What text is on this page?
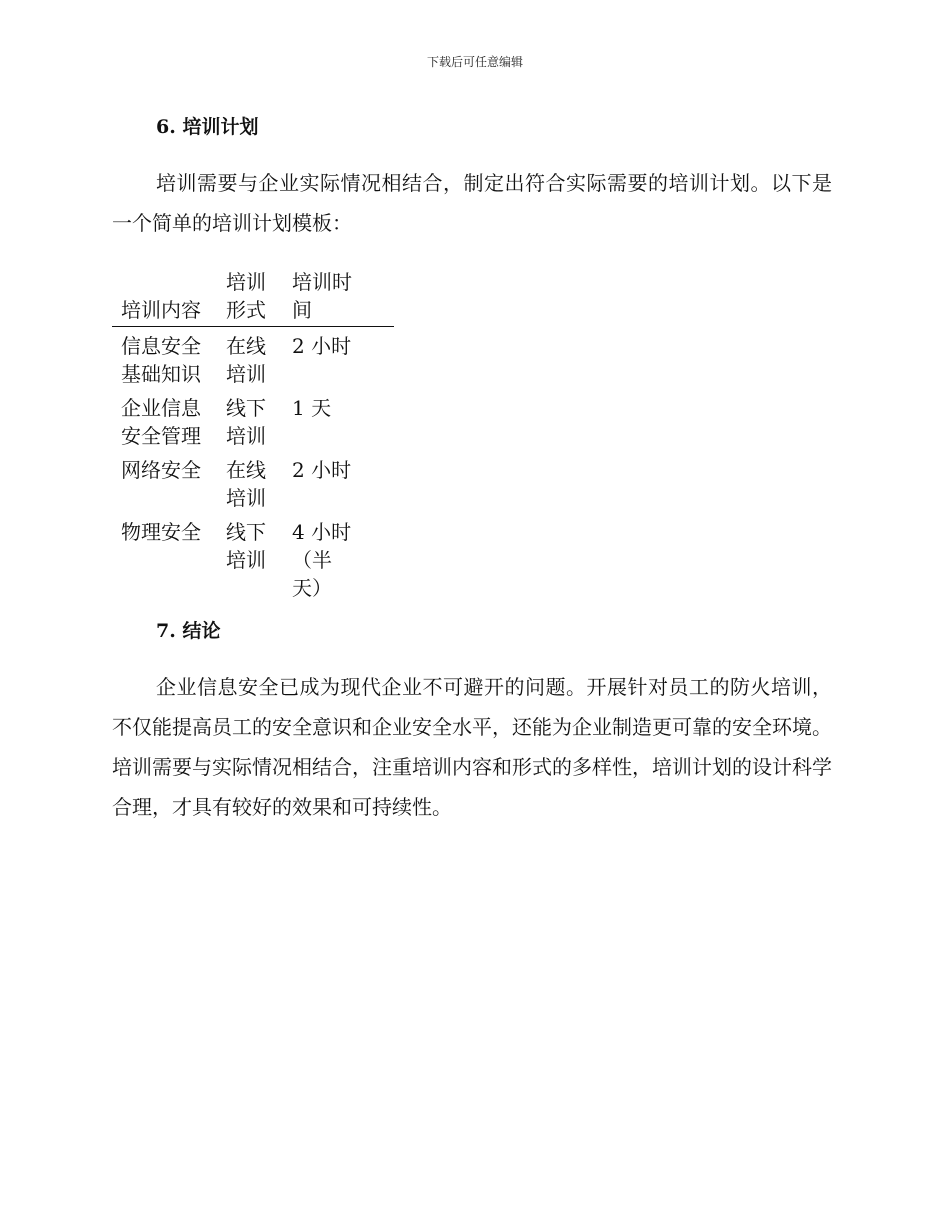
下载后可任意编辑
6. 培训计划

培训需要与企业实际情况相结合，制定出符合实际需要的培训计划。以下是一个简单的培训计划模板：

培训内容	培训形式	培训时间

信息安全基础知识	在线培训	2 小时

企业信息安全管理	线下培训	1 天

网络安全	在线培训	2 小时

物理安全	线下培训	4 小时（半天）
7. 结论

企业信息安全已成为现代企业不可避开的问题。开展针对员工的防火培训，不仅能提高员工的安全意识和企业安全水平，还能为企业制造更可靠的安全环境。培训需要与实际情况相结合，注重培训内容和形式的多样性，培训计划的设计科学合理，才具有较好的效果和可持续性。
